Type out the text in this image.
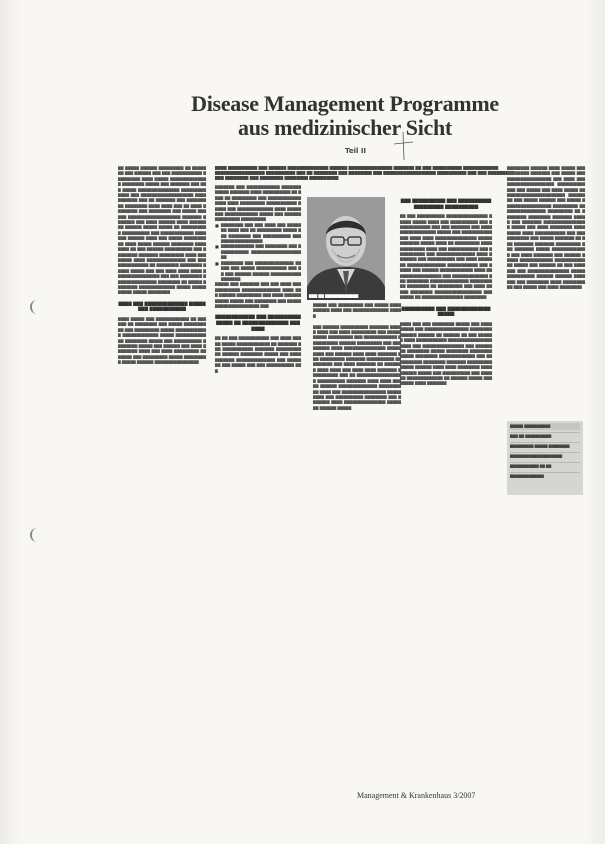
Disease Management Programme
aus medizinischer Sicht
Teil II
▇▇▇▇ ▇▇▇▇▇▇▇▇▇▇ ▇▇▇ ▇▇▇▇▇▇ ▇▇▇▇▇▇▇▇▇▇▇▇▇▇ ▇▇▇▇▇▇ ▇▇▇▇▇▇▇▇▇▇▇▇▇▇▇ ▇▇▇▇▇▇▇ ▇▇ ▇▇▇ ▇▇▇▇▇▇▇▇▇▇ ▇▇▇▇▇▇▇▇▇▇▇▇ ▇▇▇▇▇▇▇▇▇▇▇▇▇▇▇▇▇ ▇▇▇▇▇▇▇▇▇▇ ▇▇▇ ▇▇ ▇▇▇▇▇▇▇▇ ▇▇▇ ▇▇▇▇▇▇▇▇ ▇▇▇ ▇▇▇▇▇▇▇▇▇▇▇▇▇▇▇▇▇▇ ▇▇▇▇▇▇▇▇▇▇ ▇▇▇ ▇▇▇ ▇▇▇▇▇▇▇▇▇ ▇▇▇ ▇▇▇▇▇▇▇▇ ▇▇▇ ▇▇▇▇▇▇▇▇ ▇▇▇▇▇▇▇▇ ▇▇▇▇▇▇▇▇▇▇
▇▇ ▇▇▇▇▇ ▇▇▇▇▇▇ ▇▇▇▇▇▇▇▇▇ ▇▇ ▇▇▇▇▇▇▇ ▇▇▇ ▇▇▇▇▇▇ ▇▇▇ ▇▇▇ ▇▇▇▇▇▇▇▇▇▇▇ ▇▇▇▇▇▇▇▇▇ ▇▇▇▇ ▇▇▇▇▇ ▇▇▇▇▇▇▇▇▇▇▇▇▇▇ ▇▇▇▇▇▇▇▇ ▇▇▇▇▇ ▇▇▇ ▇▇▇▇▇▇▇ ▇▇▇ ▇▇▇ ▇▇▇▇▇ ▇▇▇▇▇▇▇▇▇▇▇▇▇▇▇ ▇▇▇▇▇▇▇▇▇▇▇▇▇ ▇▇▇ ▇▇▇▇▇▇▇▇▇▇▇▇▇▇▇▇▇▇▇ ▇▇▇▇▇▇▇▇▇▇▇ ▇▇▇ ▇▇ ▇▇▇▇▇▇▇ ▇▇▇ ▇▇▇▇▇▇▇▇▇ ▇▇▇▇▇▇▇▇ ▇▇▇▇ ▇▇▇▇ ▇▇▇ ▇▇ ▇▇▇▇ ▇▇▇▇▇▇▇▇ ▇▇▇ ▇▇▇▇▇▇▇▇ ▇▇▇ ▇▇▇▇▇ ▇▇▇ ▇▇▇ ▇▇▇▇▇▇▇▇▇▇▇▇▇▇▇▇▇▇▇ ▇▇▇▇▇▇▇ ▇▇▇▇▇▇▇ ▇▇▇ ▇▇▇▇ ▇▇▇▇▇▇ ▇▇▇▇ ▇▇▇▇▇▇▇▇ ▇▇▇▇▇▇ ▇▇▇▇▇ ▇▇▇▇▇ ▇▇ ▇▇▇▇▇▇▇▇▇▇ ▇▇▇▇▇▇▇▇▇▇ ▇▇▇ ▇▇▇▇▇▇▇▇▇▇▇▇ ▇▇▇▇▇▇▇ ▇▇▇▇▇▇ ▇▇▇▇ ▇▇▇ ▇▇▇▇▇ ▇▇▇▇▇▇▇▇ ▇▇ ▇▇▇▇ ▇▇▇▇▇ ▇▇▇▇▇▇ ▇▇▇▇▇▇▇▇ ▇▇▇▇▇▇▇▇ ▇▇ ▇▇▇ ▇▇▇▇▇▇ ▇▇▇▇▇▇▇▇▇▇ ▇▇▇ ▇▇▇▇▇▇▇▇ ▇▇▇▇▇▇▇ ▇▇▇▇▇▇▇▇▇ ▇▇▇▇ ▇▇▇▇▇▇▇▇ ▇▇▇▇ ▇▇▇▇▇▇▇▇▇▇▇▇▇▇ ▇▇▇ ▇▇▇ ▇▇▇▇▇▇▇▇▇▇▇ ▇▇ ▇▇▇▇▇▇▇▇ ▇▇▇▇▇▇▇▇ ▇▇▇▇▇ ▇▇▇▇▇ ▇▇▇ ▇▇▇ ▇▇▇▇ ▇▇▇▇ ▇▇▇▇ ▇▇▇▇▇▇▇▇▇▇▇▇▇▇▇▇ ▇▇▇ ▇▇▇ ▇▇▇▇▇▇▇▇ ▇▇▇▇▇▇▇▇▇▇▇▇▇▇▇ ▇▇▇▇▇▇▇▇ ▇▇ ▇▇▇▇▇ ▇▇▇▇▇▇▇▇ ▇▇▇▇▇▇▇▇▇▇▇▇▇ ▇▇▇▇▇ ▇▇▇▇▇▇▇▇▇▇ ▇▇▇▇▇ ▇▇▇▇▇▇▇▇
▇▇▇▇ ▇▇▇ ▇▇▇▇▇▇▇▇▇▇▇▇▇ ▇▇▇▇▇ ▇▇▇ ▇▇▇▇▇▇▇▇▇▇▇
▇▇▇▇ ▇▇▇▇▇ ▇▇▇ ▇▇▇▇▇▇▇▇▇▇▇▇ ▇▇ ▇▇▇ ▇▇▇ ▇▇ ▇▇▇▇▇▇▇▇ ▇▇▇ ▇▇▇▇▇ ▇▇▇▇▇▇▇▇▇▇ ▇▇▇ ▇▇▇▇▇▇▇▇▇ ▇▇▇▇▇ ▇▇▇▇▇▇▇▇▇▇▇▇ ▇▇▇▇▇▇▇▇▇▇▇▇▇ ▇▇▇▇▇ ▇▇▇▇▇▇▇▇▇▇▇▇▇ ▇▇▇▇▇▇▇▇ ▇▇▇▇▇ ▇▇▇ ▇▇▇▇▇▇▇▇▇▇ ▇▇▇▇▇▇▇▇ ▇▇▇▇▇ ▇▇▇ ▇▇▇▇▇▇ ▇▇▇ ▇▇▇▇ ▇▇▇▇▇▇▇▇ ▇▇▇▇ ▇▇▇ ▇▇▇▇ ▇▇▇▇▇▇▇▇▇ ▇▇▇▇▇▇▇ ▇▇▇ ▇▇▇▇▇▇▇▇▇ ▇▇▇▇▇ ▇▇▇▇▇▇▇▇▇ ▇▇▇▇▇ ▇▇▇▇▇▇ ▇▇▇▇▇▇▇▇▇▇▇▇▇▇▇▇
▇▇▇▇▇▇▇ ▇▇▇ ▇▇▇▇▇▇▇▇▇▇▇▇ ▇▇▇▇▇▇▇▇▇▇▇▇ ▇▇▇▇▇▇▇ ▇▇▇▇ ▇▇▇▇▇▇▇▇▇▇ ▇▇ ▇▇▇▇ ▇▇ ▇▇▇▇▇▇▇▇▇ ▇▇▇ ▇▇▇▇▇▇▇▇▇▇▇▇▇▇▇▇ ▇▇▇▇ ▇▇▇▇▇▇▇▇▇ ▇▇▇▇▇▇▇▇▇▇▇ ▇▇▇▇▇ ▇▇▇ ▇▇▇▇▇▇▇▇▇▇▇▇▇ ▇▇▇▇ ▇▇▇▇▇ ▇▇▇ ▇▇▇▇▇▇▇▇▇▇▇▇ ▇▇▇▇▇ ▇▇▇ ▇▇▇▇▇▇▇▇▇▇▇▇▇▇▇ ▇▇▇▇▇▇▇▇▇
■ ▇▇▇▇▇▇▇▇ ▇▇▇ ▇▇▇ ▇▇▇▇ ▇▇▇ ▇▇▇▇▇▇▇ ▇▇▇▇ ▇▇▇ ▇▇ ▇▇▇▇▇▇▇▇▇ ▇▇▇▇▇ ▇▇▇ ▇▇▇▇▇▇▇▇ ▇▇▇ ▇▇▇▇▇▇▇▇▇▇ ▇▇▇ ▇▇▇▇▇▇▇▇▇▇▇▇▇▇▇
■ ▇▇▇▇▇▇▇▇▇▇▇▇ ▇▇▇ ▇▇▇▇▇▇▇▇ ▇▇▇ ▇▇▇▇▇▇▇▇▇▇▇ ▇▇▇▇▇▇▇▇▇▇▇▇▇▇▇▇▇▇▇▇
■ ▇▇▇▇▇▇▇▇ ▇▇▇ ▇▇▇▇▇▇▇▇▇▇▇▇▇▇ ▇▇ ▇▇▇ ▇▇▇ ▇▇▇▇▇ ▇▇▇▇▇▇▇▇▇▇▇ ▇▇▇ ▇▇ ▇▇▇ ▇▇▇▇▇▇ ▇▇▇▇▇▇ ▇▇▇▇▇▇▇▇▇▇▇▇▇▇▇▇▇▇
▇▇▇▇▇ ▇▇▇ ▇▇▇▇▇▇▇ ▇▇▇ ▇▇▇ ▇▇▇▇ ▇▇▇ ▇▇▇▇▇▇▇▇▇ ▇▇▇▇▇▇▇▇▇▇▇▇▇▇ ▇▇▇▇ ▇▇▇ ▇▇▇▇▇▇ ▇▇▇▇▇▇▇▇▇ ▇▇▇ ▇▇▇▇ ▇▇▇▇▇▇▇▇▇▇▇ ▇▇▇▇▇ ▇▇▇ ▇▇▇▇▇▇▇▇ ▇▇▇ ▇▇▇▇▇▇▇▇▇▇▇▇▇▇▇▇▇▇▇▇▇ ▇▇▇
▇▇▇▇▇▇▇▇▇▇▇▇ ▇▇▇ ▇▇▇▇▇▇▇▇▇▇ ▇▇▇▇▇ ▇▇ ▇▇▇▇▇▇▇▇▇▇▇▇▇▇ ▇▇▇▇▇▇▇
▇▇ ▇▇ ▇▇▇ ▇▇▇▇▇▇▇▇▇▇▇ ▇▇▇ ▇▇▇▇ ▇▇▇▇▇ ▇▇▇▇▇ ▇▇▇▇▇▇▇▇▇▇▇▇ ▇▇ ▇▇▇▇▇▇▇ ▇▇▇ ▇▇▇▇▇▇▇▇▇▇▇ ▇▇▇▇▇▇▇ ▇▇▇▇▇▇▇▇▇ ▇▇ ▇▇▇▇▇▇ ▇▇▇▇▇▇▇▇ ▇▇▇▇▇ ▇▇▇ ▇▇▇▇ ▇▇▇▇▇▇▇ ▇▇▇▇▇▇▇▇▇▇▇▇▇▇ ▇▇▇ ▇▇▇▇▇▇▇ ▇▇▇ ▇▇▇▇▇ ▇▇▇ ▇▇▇ ▇▇▇▇▇▇▇▇▇▇ ▇▇▇
▇▇▇ ▇▇ ▇▇▇▇▇▇▇▇▇▇▇▇
▇▇▇▇▇ ▇▇▇ ▇▇▇▇▇▇▇▇▇ ▇▇▇ ▇▇▇▇▇ ▇▇▇▇▇▇▇▇▇▇ ▇▇▇▇ ▇▇▇ ▇▇▇▇▇▇▇▇▇▇▇▇▇ ▇▇▇▇▇

▇▇▇ ▇▇▇▇▇▇ ▇▇▇▇▇▇▇▇▇▇ ▇▇▇▇▇▇▇ ▇▇▇▇▇ ▇▇▇▇ ▇▇▇ ▇▇▇▇ ▇▇▇▇▇▇▇▇▇ ▇▇▇ ▇▇▇▇▇▇▇▇▇▇ ▇▇▇▇▇▇▇▇▇ ▇▇▇ ▇▇▇▇▇▇▇▇▇▇▇▇ ▇▇▇▇▇▇▇▇▇▇ ▇▇▇▇▇▇ ▇▇▇▇▇▇▇▇▇ ▇▇▇ ▇▇▇ ▇▇▇▇▇▇ ▇▇▇▇ ▇▇▇▇▇▇▇▇▇▇▇▇▇▇▇ ▇▇▇▇▇▇▇▇▇ ▇▇▇ ▇▇▇▇▇▇ ▇▇▇▇ ▇▇▇▇ ▇▇▇▇▇▇▇ ▇▇▇ ▇▇▇▇▇▇▇▇▇ ▇▇▇▇▇▇▇ ▇▇▇▇▇▇▇▇▇▇ ▇▇▇▇▇▇▇▇▇ ▇▇▇ ▇▇▇▇ ▇▇▇▇▇▇▇ ▇▇ ▇▇▇▇▇▇▇ ▇▇▇▇ ▇▇▇▇ ▇▇▇ ▇▇▇▇ ▇▇▇▇ ▇▇▇▇▇▇▇ ▇▇▇▇▇▇▇▇▇▇ ▇▇▇ ▇▇ ▇▇▇▇▇▇▇▇▇▇▇▇▇▇▇▇▇ ▇▇▇▇▇▇▇▇▇▇ ▇▇▇▇▇▇▇ ▇▇▇▇ ▇▇▇▇ ▇▇▇▇▇ ▇▇▇▇▇▇ ▇▇▇▇▇▇▇▇▇▇▇▇▇▇ ▇▇▇▇▇▇▇▇▇▇ ▇▇▇▇ ▇▇▇ ▇▇▇▇▇▇▇▇▇▇▇▇▇▇▇▇ ▇▇▇▇▇▇▇▇▇ ▇▇▇ ▇▇▇▇▇▇▇▇▇▇ ▇▇▇▇▇▇▇▇ ▇▇▇ ▇▇▇▇▇▇▇ ▇▇▇▇ ▇▇▇▇▇▇▇▇▇▇▇▇▇▇▇ ▇▇▇▇▇▇▇ ▇▇▇▇▇▇ ▇▇▇▇▇
▇▇▇ ▇▇▇▇▇▇▇▇▇▇ ▇▇▇ ▇▇▇▇▇▇▇▇▇▇▇▇▇▇▇▇▇▇▇ ▇▇▇▇▇▇▇▇▇▇
▇▇ ▇▇▇ ▇▇▇▇▇▇▇▇▇▇ ▇▇▇▇▇▇▇▇▇▇▇▇▇▇▇ ▇▇▇▇▇ ▇▇▇▇▇ ▇▇▇▇ ▇▇▇ ▇▇▇▇▇▇▇▇▇▇ ▇▇▇ ▇▇▇▇▇▇▇▇▇▇▇▇ ▇▇▇ ▇▇▇ ▇▇▇▇▇▇▇ ▇▇▇ ▇▇▇▇▇▇▇▇▇▇▇▇▇▇▇▇▇ ▇▇▇▇▇ ▇▇▇ ▇▇▇▇▇▇▇▇▇▇▇▇▇▇ ▇▇▇▇ ▇▇▇▇ ▇▇▇▇▇▇▇▇▇▇▇▇▇▇▇ ▇▇▇▇▇▇▇▇▇▇▇▇ ▇▇▇▇▇ ▇▇▇▇ ▇▇ ▇▇▇▇▇▇▇▇▇ ▇▇▇▇▇▇▇▇▇▇▇▇▇ ▇▇▇▇ ▇▇▇ ▇▇▇▇▇▇▇▇▇▇▇ ▇▇▇ ▇▇▇▇▇▇▇▇▇▇ ▇▇▇ ▇▇▇▇▇▇▇▇▇▇▇▇▇▇ ▇▇▇▇ ▇▇▇▇▇▇▇ ▇▇▇ ▇▇▇▇▇▇▇▇▇▇ ▇▇▇ ▇▇▇▇ ▇▇▇▇▇ ▇▇ ▇▇▇▇▇▇▇▇▇▇▇▇▇▇ ▇▇▇▇▇▇▇▇▇▇▇ ▇▇▇ ▇▇▇▇▇ ▇▇▇ ▇▇▇▇▇▇ ▇▇▇▇▇▇▇▇▇▇▇▇ ▇▇▇▇ ▇▇▇▇▇▇▇▇▇▇▇▇▇▇▇▇▇ ▇▇▇ ▇▇▇▇▇▇▇▇▇▇▇▇▇ ▇▇▇ ▇▇▇▇▇▇▇▇ ▇▇▇▇▇▇▇▇▇▇▇▇▇▇ ▇▇▇▇▇▇▇▇▇▇ ▇▇▇▇▇▇▇▇ ▇▇ ▇▇▇▇▇▇▇▇▇ ▇▇▇ ▇▇▇▇ ▇▇▇▇▇ ▇▇▇▇▇▇▇▇ ▇▇▇▇▇▇▇▇▇▇▇▇▇▇▇▇▇ ▇▇▇ ▇▇▇▇▇ ▇▇ ▇▇▇▇▇▇▇▇▇▇▇▇▇▇▇ ▇▇▇▇▇▇▇▇
▇▇▇▇▇▇▇▇▇▇ ▇▇▇ ▇▇▇▇▇▇▇▇▇▇▇▇▇ ▇▇▇▇▇
▇▇▇▇ ▇▇▇ ▇▇▇ ▇▇▇▇▇▇▇▇ ▇▇▇▇▇ ▇▇▇ ▇▇▇▇▇▇▇▇▇ ▇▇▇ ▇▇▇▇▇▇▇▇▇▇▇▇▇▇▇▇ ▇▇▇▇▇▇▇▇▇▇▇▇▇▇ ▇▇▇▇▇▇ ▇▇ ▇▇▇▇▇▇ ▇▇ ▇▇▇ ▇▇▇▇▇▇ ▇▇▇▇ ▇▇▇▇▇▇▇▇▇▇▇ ▇▇▇▇▇▇▇▇▇▇▇▇▇▇▇▇▇▇▇▇ ▇▇▇ ▇▇▇▇▇▇▇▇▇▇▇▇▇▇▇ ▇▇▇ ▇▇▇▇▇▇▇▇ ▇▇▇▇▇▇▇▇ ▇▇▇▇▇ ▇▇▇▇▇▇▇▇ ▇▇▇▇▇▇▇▇▇▇▇▇▇ ▇▇▇▇▇▇▇▇ ▇▇▇▇▇▇▇▇▇▇▇▇▇ ▇▇▇ ▇▇▇▇▇▇▇▇▇▇ ▇▇▇▇▇▇▇▇ ▇▇▇▇▇▇▇ ▇▇▇▇▇▇▇▇▇▇▇▇▇▇ ▇▇▇▇▇▇ ▇▇▇▇ ▇▇▇▇ ▇▇▇▇▇▇▇▇ ▇▇▇▇▇▇▇▇▇▇ ▇▇▇▇▇ ▇▇▇ ▇▇▇▇▇▇▇▇▇▇ ▇▇▇ ▇▇▇▇▇▇ ▇▇▇▇▇▇▇▇▇▇▇▇▇ ▇▇ ▇▇▇▇▇▇ ▇▇▇▇▇ ▇▇▇ ▇▇▇▇▇ ▇▇▇▇ ▇▇▇▇▇▇▇
▇▇▇▇▇▇▇▇ ▇▇▇▇▇▇ ▇▇▇▇ ▇▇▇▇▇ ▇▇▇▇▇▇▇▇▇▇▇ ▇▇▇▇▇▇▇ ▇▇▇ ▇▇▇▇▇ ▇▇▇ ▇▇▇▇▇▇▇▇▇▇▇▇▇▇▇▇ ▇▇▇ ▇▇▇▇ ▇▇▇ ▇▇▇▇▇▇▇▇▇▇▇▇▇▇▇▇▇ ▇▇▇▇▇▇▇▇▇▇▇▇▇ ▇▇▇ ▇▇▇▇▇ ▇▇▇ ▇▇▇▇ ▇▇▇▇▇ ▇▇▇▇▇▇▇▇▇▇▇▇▇▇▇▇▇▇▇▇▇▇▇ ▇▇▇▇▇▇▇▇ ▇▇▇ ▇▇▇▇▇ ▇▇▇▇▇▇ ▇▇▇ ▇▇▇▇▇ ▇▇▇▇▇▇▇▇▇▇▇▇▇▇▇▇▇ ▇▇▇▇▇▇▇▇▇ ▇▇▇▇▇▇▇▇▇▇▇▇▇▇▇▇ ▇▇▇▇▇▇▇▇▇ ▇▇ ▇▇▇▇▇▇▇▇ ▇▇▇▇▇▇▇▇ ▇▇▇▇▇▇▇ ▇▇▇▇▇ ▇▇▇ ▇▇▇▇▇▇▇ ▇▇▇▇▇▇▇▇▇▇▇▇▇▇▇▇ ▇▇▇▇▇ ▇▇▇ ▇▇▇▇ ▇▇▇▇▇▇▇▇ ▇▇▇▇ ▇▇▇▇▇ ▇▇▇▇ ▇▇▇▇▇▇▇▇▇▇▇ ▇▇▇ ▇▇▇▇▇▇▇▇▇▇▇ ▇▇▇ ▇▇▇▇▇ ▇▇▇▇▇▇▇ ▇▇ ▇▇▇ ▇▇▇▇▇▇▇ ▇▇▇▇▇▇▇ ▇▇▇▇▇▇▇▇▇ ▇▇▇ ▇▇▇▇▇▇▇ ▇▇▇▇▇ ▇▇▇▇▇▇▇▇▇▇▇▇▇ ▇▇▇ ▇▇▇▇ ▇▇▇▇▇▇▇ ▇▇▇ ▇▇▇▇▇▇ ▇▇▇▇▇ ▇▇▇▇▇▇▇▇▇▇▇▇ ▇▇▇▇▇▇▇▇▇▇▇▇▇ ▇▇▇▇▇ ▇▇▇ ▇▇▇▇▇▇ ▇▇ ▇▇▇ ▇▇▇▇▇▇▇ ▇▇▇ ▇▇▇▇▇▇▇▇▇▇▇▇▇▇▇ ▇▇▇▇▇ ▇▇▇▇▇▇▇▇▇▇ ▇▇▇▇▇▇ ▇▇▇▇▇▇ ▇▇▇▇▇▇▇ ▇▇▇ ▇▇▇▇▇▇▇▇ ▇▇▇▇ ▇▇▇▇▇▇▇▇▇▇ ▇▇▇ ▇▇▇▇▇ ▇▇▇ ▇▇▇▇ ▇▇▇▇▇▇▇▇
▇▇▇▇▇ ▇▇▇▇▇▇▇▇▇▇
▇▇▇ ▇▇ ▇▇▇▇▇▇▇▇▇▇
▇▇▇▇▇▇▇▇▇ ▇▇▇▇▇ ▇▇▇▇▇▇▇▇
▇▇▇▇▇▇▇▇▇▇▇▇▇▇▇▇▇▇▇▇
▇▇▇▇▇▇▇▇▇▇▇ ▇▇ ▇▇
▇▇▇▇▇▇▇▇▇▇▇▇▇
Management & Krankenhaus 3/2007
